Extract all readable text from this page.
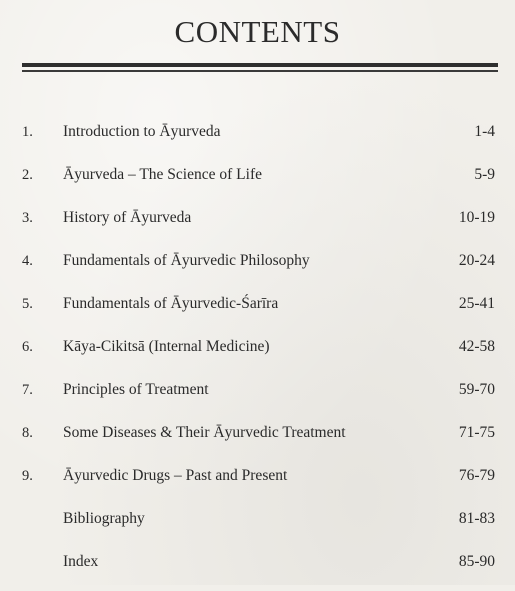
CONTENTS
1. Introduction to Āyurveda	1-4
2. Āyurveda – The Science of Life	5-9
3. History of Āyurveda	10-19
4. Fundamentals of Āyurvedic Philosophy	20-24
5. Fundamentals of Āyurvedic-Śarīra	25-41
6. Kāya-Cikitsā (Internal Medicine)	42-58
7. Principles of Treatment	59-70
8. Some Diseases & Their Āyurvedic Treatment	71-75
9. Āyurvedic Drugs – Past and Present	76-79
Bibliography	81-83
Index	85-90
